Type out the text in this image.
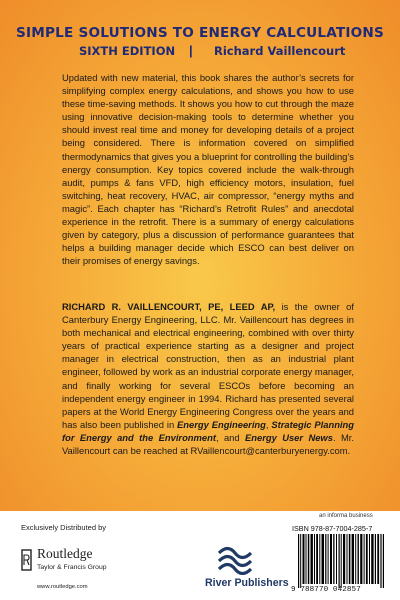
SIMPLE SOLUTIONS TO ENERGY CALCULATIONS
SIXTH EDITION | Richard Vaillencourt
Updated with new material, this book shares the author’s secrets for simplifying complex energy calculations, and shows you how to use these time-saving methods. It shows you how to cut through the maze using innovative decision-making tools to determine whether you should invest real time and money for developing details of a project being considered. There is information covered on simplified thermodynamics that gives you a blueprint for controlling the building’s energy consumption. Key topics covered include the walk-through audit, pumps & fans VFD, high efficiency motors, insulation, fuel switching, heat recovery, HVAC, air compressor, “energy myths and magic”. Each chapter has “Richard’s Retrofit Rules” and anecdotal experience in the retrofit. There is a summary of energy calculations given by category, plus a discussion of performance guarantees that helps a building manager decide which ESCO can best deliver on their promises of energy savings.
RICHARD R. VAILLENCOURT, PE, LEED AP, is the owner of Canterbury Energy Engineering, LLC. Mr. Vaillencourt has degrees in both mechanical and electrical engineering, combined with over thirty years of practical experience starting as a designer and project manager in electrical construction, then as an industrial plant engineer, followed by work as an industrial corporate energy manager, and finally working for several ESCOs before becoming an independent energy engineer in 1994. Richard has presented several papers at the World Energy Engineering Congress over the years and has also been published in Energy Engineering, Strategic Planning for Energy and the Environment, and Energy User News. Mr. Vaillencourt can be reached at RVaillencourt@canterburyenergy.com.
Exclusively Distributed by
Routledge
Taylor & Francis Group
www.routledge.com	River Publishers
an informa business
ISBN 978-87-7004-285-7
9 788770 042857
